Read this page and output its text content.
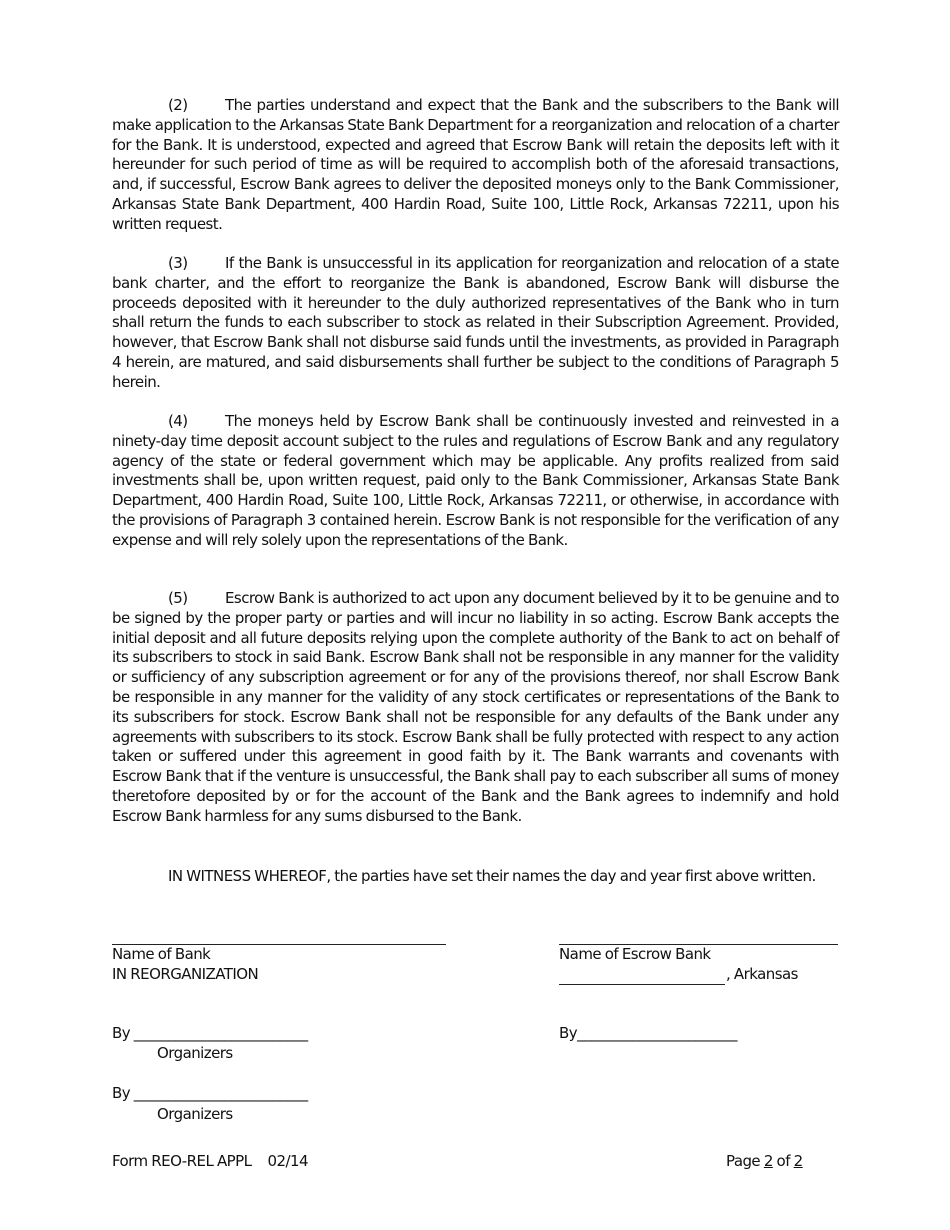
(2) The parties understand and expect that the Bank and the subscribers to the Bank will make application to the Arkansas State Bank Department for a reorganization and relocation of a charter for the Bank. It is understood, expected and agreed that Escrow Bank will retain the deposits left with it hereunder for such period of time as will be required to accomplish both of the aforesaid transactions, and, if successful, Escrow Bank agrees to deliver the deposited moneys only to the Bank Commissioner, Arkansas State Bank Department, 400 Hardin Road, Suite 100, Little Rock, Arkansas 72211, upon his written request.

(3) If the Bank is unsuccessful in its application for reorganization and relocation of a state bank charter, and the effort to reorganize the Bank is abandoned, Escrow Bank will disburse the proceeds deposited with it hereunder to the duly authorized representatives of the Bank who in turn shall return the funds to each subscriber to stock as related in their Subscription Agreement. Provided, however, that Escrow Bank shall not disburse said funds until the investments, as provided in Paragraph 4 herein, are matured, and said disbursements shall further be subject to the conditions of Paragraph 5 herein.

(4) The moneys held by Escrow Bank shall be continuously invested and reinvested in a ninety-day time deposit account subject to the rules and regulations of Escrow Bank and any regulatory agency of the state or federal government which may be applicable. Any profits realized from said investments shall be, upon written request, paid only to the Bank Commissioner, Arkansas State Bank Department, 400 Hardin Road, Suite 100, Little Rock, Arkansas 72211, or otherwise, in accordance with the provisions of Paragraph 3 contained herein. Escrow Bank is not responsible for the verification of any expense and will rely solely upon the representations of the Bank.

(5) Escrow Bank is authorized to act upon any document believed by it to be genuine and to be signed by the proper party or parties and will incur no liability in so acting. Escrow Bank accepts the initial deposit and all future deposits relying upon the complete authority of the Bank to act on behalf of its subscribers to stock in said Bank. Escrow Bank shall not be responsible in any manner for the validity or sufficiency of any subscription agreement or for any of the provisions thereof, nor shall Escrow Bank be responsible in any manner for the validity of any stock certificates or representations of the Bank to its subscribers for stock. Escrow Bank shall not be responsible for any defaults of the Bank under any agreements with subscribers to its stock. Escrow Bank shall be fully protected with respect to any action taken or suffered under this agreement in good faith by it. The Bank warrants and covenants with Escrow Bank that if the venture is unsuccessful, the Bank shall pay to each subscriber all sums of money theretofore deposited by or for the account of the Bank and the Bank agrees to indemnify and hold Escrow Bank harmless for any sums disbursed to the Bank.

IN WITNESS WHEREOF, the parties have set their names the day and year first above written.

Name of Bank
IN REORGANIZATION
By _________________________
Organizers
By _________________________
Organizers
Name of Escrow Bank
, Arkansas
By_______________________
Form REO-REL APPL 02/14	Page 2 of 2
